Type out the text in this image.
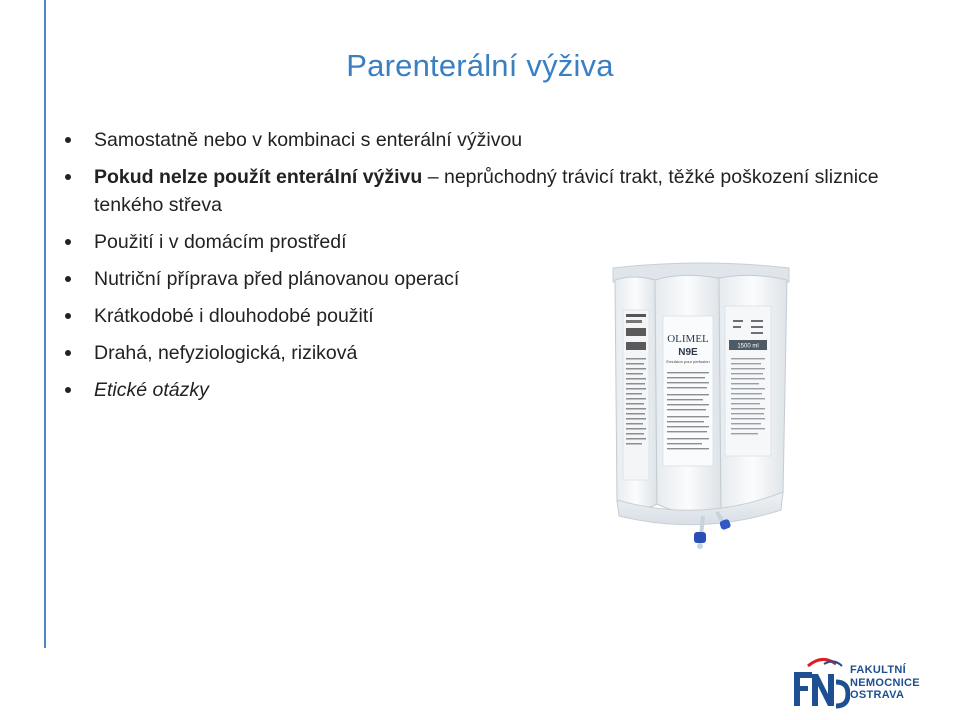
Parenterální výživa
Samostatně nebo v kombinaci s enterální výživou
Pokud nelze použít enterální výživu – neprůchodný trávicí trakt, těžké poškození sliznice tenkého střeva
Použití i v domácím prostředí
Nutriční příprava před plánovanou operací
Krátkodobé i dlouhodobé použití
Drahá, nefyziologická, riziková
Etické otázky
OLIMEL
N9E
Emulsion pour perfusion
1500 ml
FAKULTNÍ
NEMOCNICE
OSTRAVA
